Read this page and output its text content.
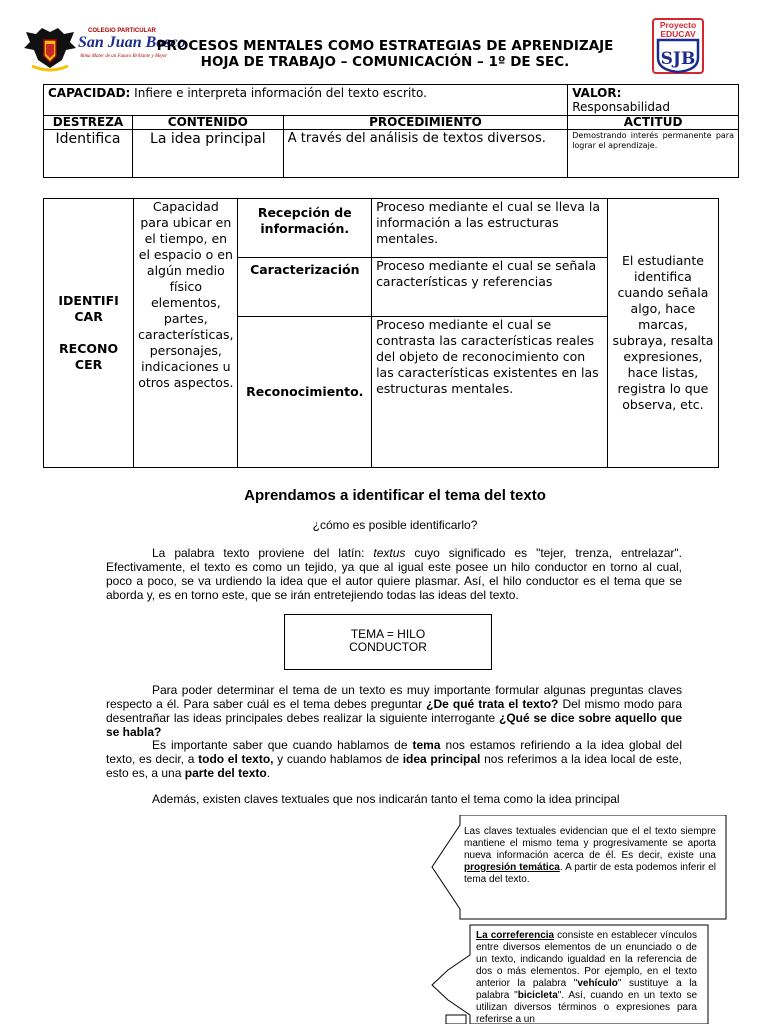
COLEGIO PARTICULAR
San Juan Bosco
Alma Mater de un Futuro Brillante y Mejor
PROCESOS MENTALES COMO ESTRATEGIAS DE APRENDIZAJE
HOJA DE TRABAJO – COMUNICACIÓN – 1º DE SEC.
Proyecto
EDUCAV
SJB
CAPACIDAD: Infiere e interpreta información del texto escrito.			VALOR:
Responsabilidad
DESTREZA	CONTENIDO	PROCEDIMIENTO	ACTITUD
Identifica	La idea principal	A través del análisis de textos diversos.	Demostrando interés permanente para lograr el aprendizaje.
IDENTIFI CAR
RECONO CER	Capacidad para ubicar en el tiempo, en el espacio o en algún medio físico elementos, partes, características, personajes, indicaciones u otros aspectos.	Recepción de información.	Proceso mediante el cual se lleva la información a las estructuras mentales.	El estudiante identifica cuando señala algo, hace marcas, subraya, resalta expresiones, hace listas, registra lo que observa, etc.
		Caracterización	Proceso mediante el cual se señala características y referencias	
		Reconocimiento.	Proceso mediante el cual se contrasta las características reales del objeto de reconocimiento con las características existentes en las estructuras mentales.	
Aprendamos a identificar el tema del texto
¿cómo es posible identificarlo?
La palabra texto proviene del latín: textus cuyo significado es "tejer, trenza, entrelazar". Efectivamente, el texto es como un tejido, ya que al igual este posee un hilo conductor en torno al cual, poco a poco, se va urdiendo la idea que el autor quiere plasmar. Así, el hilo conductor es el tema que se aborda y, es en torno este, que se irán entretejiendo todas las ideas del texto.
TEMA = HILO
CONDUCTOR
Para poder determinar el tema de un texto es muy importante formular algunas preguntas claves respecto a él. Para saber cuál es el tema debes preguntar ¿De qué trata el texto? Del mismo modo para desentrañar las ideas principales debes realizar la siguiente interrogante ¿Qué se dice sobre aquello que se habla?
Es importante saber que cuando hablamos de tema nos estamos refiriendo a la idea global del texto, es decir, a todo el texto, y cuando hablamos de idea principal nos referimos a la idea local de este, esto es, a una parte del texto.
Además, existen claves textuales que nos indicarán tanto el tema como la idea principal
Las claves textuales evidencian que el el texto siempre mantiene el mismo tema y progresivamente se aporta nueva información acerca de él. Es decir, existe una progresión temática. A partir de esta podemos inferir el tema del texto.
La correferencia consiste en establecer vínculos entre diversos elementos de un enunciado o de un texto, indicando igualdad en la referencia de dos o más elementos. Por ejemplo, en el texto anterior la palabra "vehículo" sustituye a la palabra "bicicleta". Así, cuando en un texto se utilizan diversos términos o expresiones para referirse a un
